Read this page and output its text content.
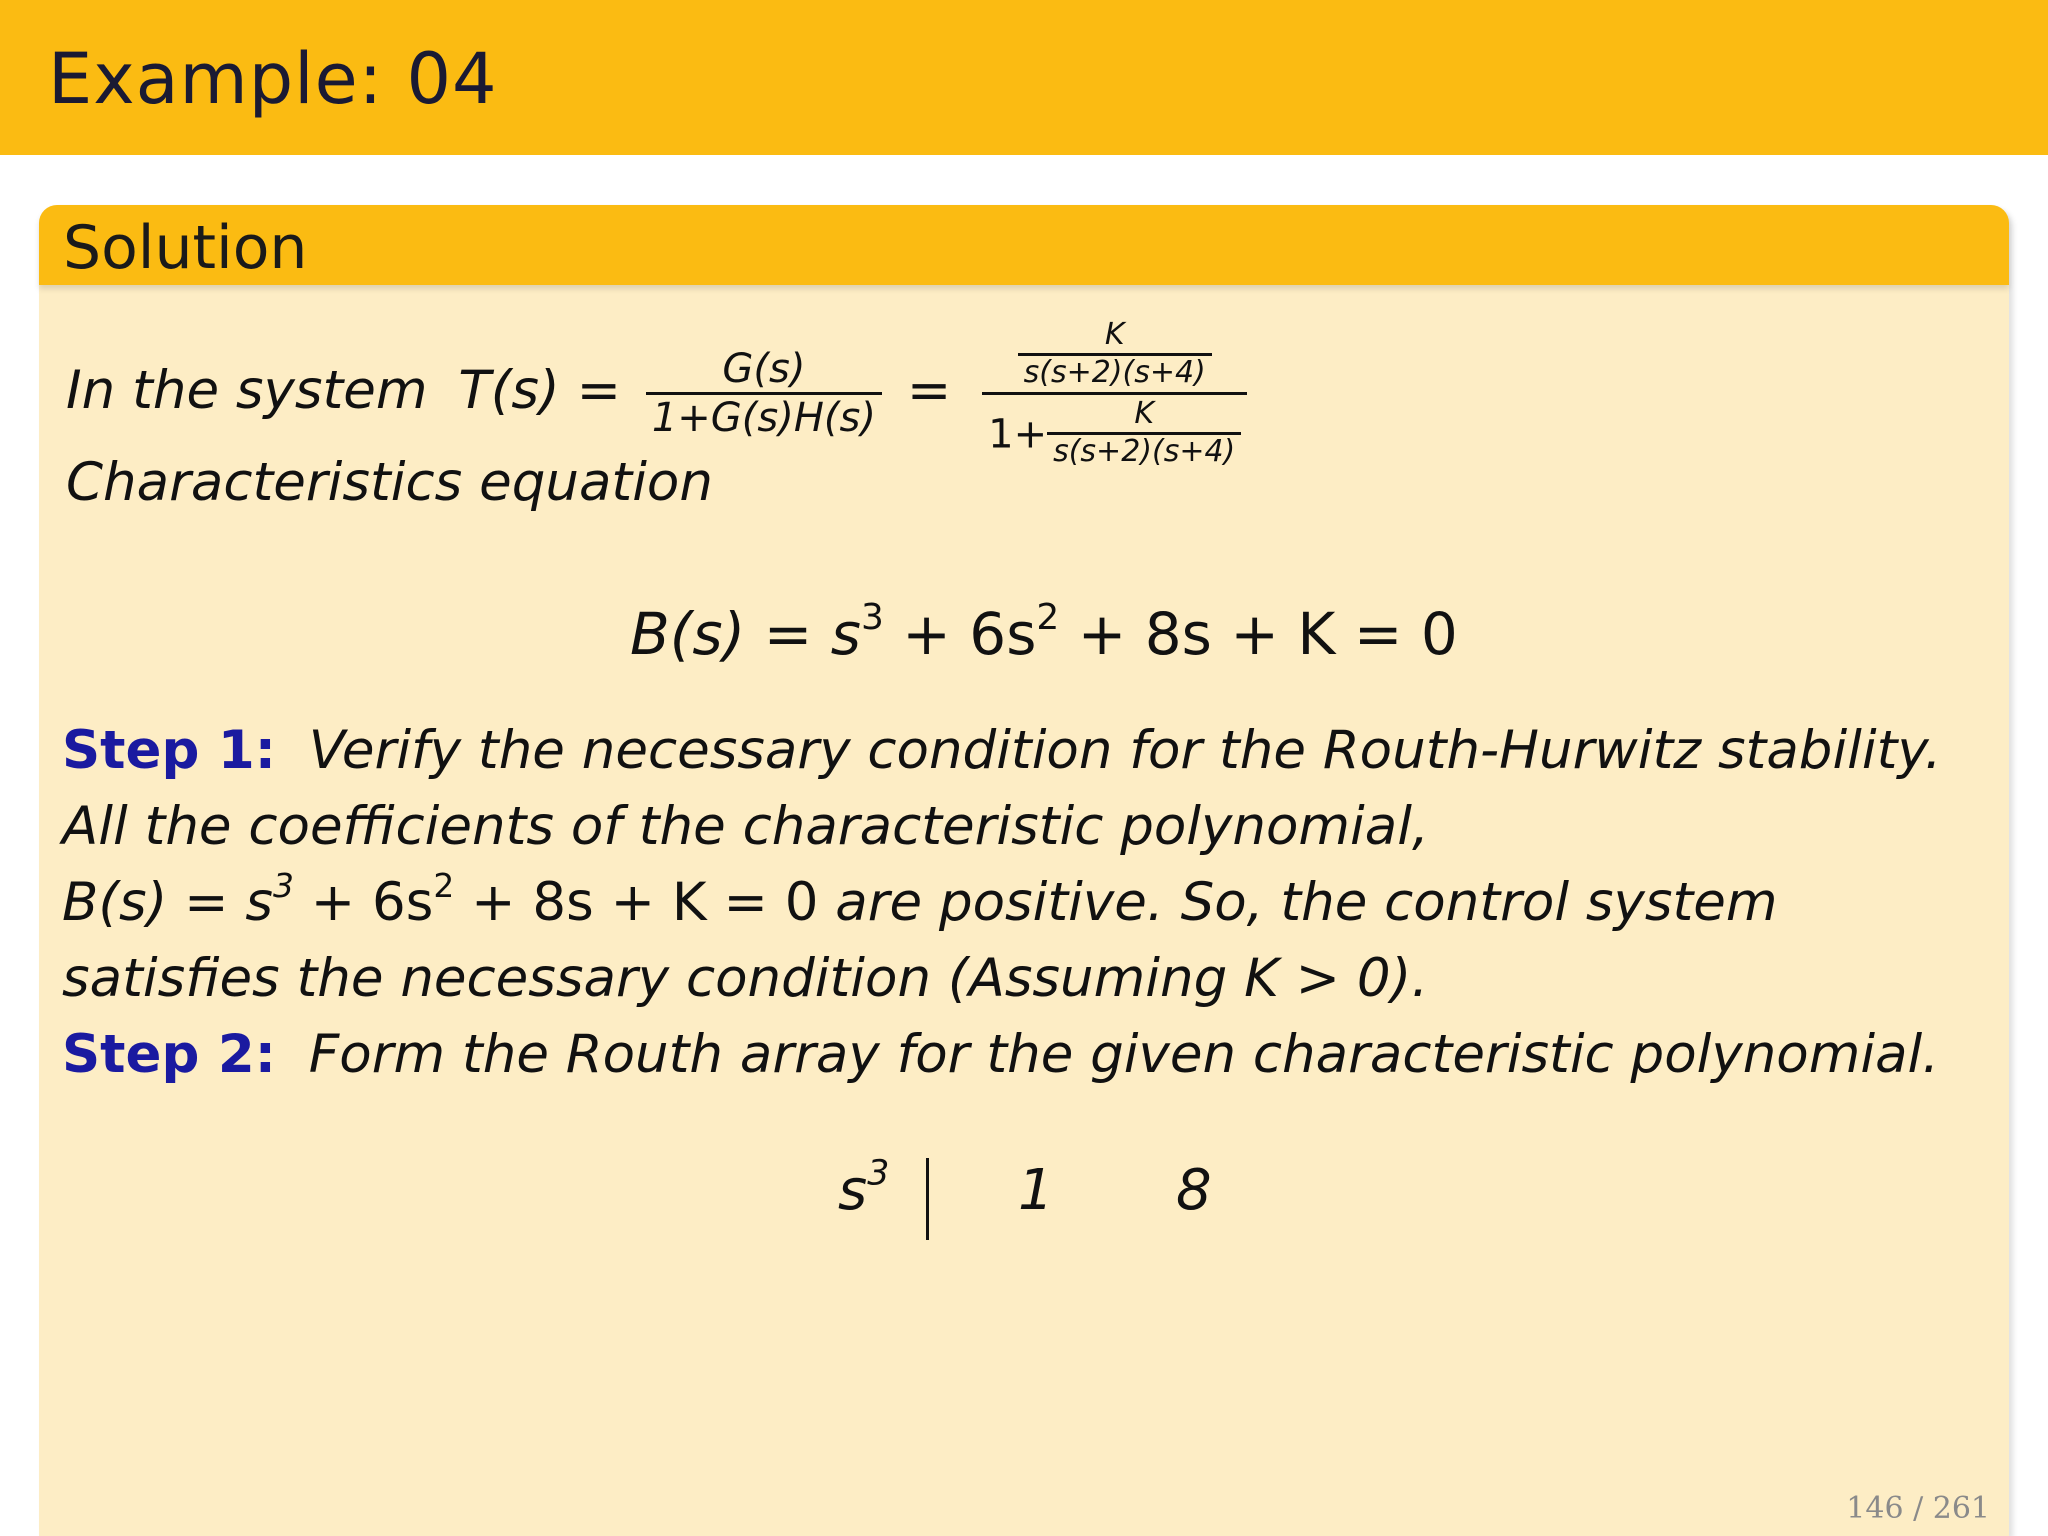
Example: 04
Solution
In the system $T(s) = \frac{G(s)}{1+G(s)H(s)} = \frac{\frac{K}{s(s+2)(s+4)}}{1+ \frac{K}{s(s+2)(s+4)}}$
Characteristics equation
$B(s) = s^3 + 6s^2 + 8s + K = 0$
Step 1: Verify the necessary condition for the Routh-Hurwitz stability.
All the coefficients of the characteristic polynomial,
$B(s) = s^3 + 6s^2 + 8s + K = 0$ are positive. So, the control system
satisfies the necessary condition (Assuming K > 0).
Step 2: Form the Routh array for the given characteristic polynomial.
$s^3$ 1 8
146 / 261
